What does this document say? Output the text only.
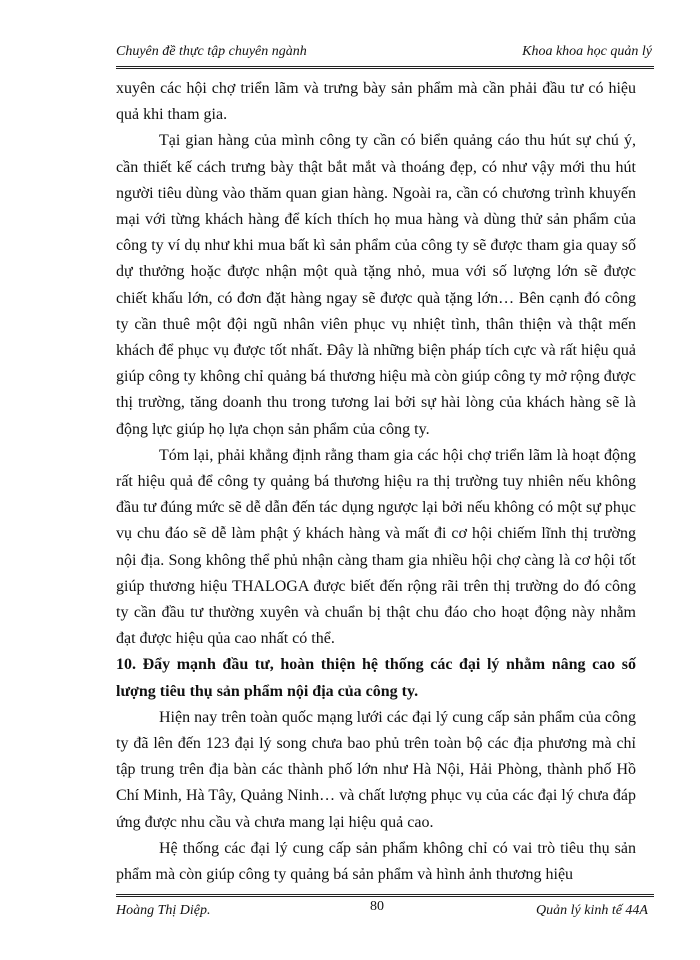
Chuyên đề thực tập chuyên ngành	Khoa khoa học quản lý

xuyên các hội chợ triển lãm và trưng bày sản phẩm mà cần phải đầu tư có hiệu quả khi tham gia.

Tại gian hàng của mình công ty cần có biển quảng cáo thu hút sự chú ý, cần thiết kế cách trưng bày thật bắt mắt và thoáng đẹp, có như vậy mới thu hút người tiêu dùng vào thăm quan gian hàng. Ngoài ra, cần có chương trình khuyến mại với từng khách hàng để kích thích họ mua hàng và dùng thử sản phẩm của công ty ví dụ như khi mua bất kì sản phẩm của công ty sẽ được tham gia quay số dự thưởng hoặc được nhận một quà tặng nhỏ, mua với số lượng lớn sẽ được chiết khấu lớn, có đơn đặt hàng ngay sẽ được quà tặng lớn… Bên cạnh đó công ty cần thuê một đội ngũ nhân viên phục vụ nhiệt tình, thân thiện và thật mến khách để phục vụ được tốt nhất. Đây là những biện pháp tích cực và rất hiệu quả giúp công ty không chỉ quảng bá thương hiệu mà còn giúp công ty mở rộng được thị trường, tăng doanh thu trong tương lai bởi sự hài lòng của khách hàng sẽ là động lực giúp họ lựa chọn sản phẩm của công ty.

Tóm lại, phải khẳng định rằng tham gia các hội chợ triển lãm là hoạt động rất hiệu quả để công ty quảng bá thương hiệu ra thị trường tuy nhiên nếu không đầu tư đúng mức sẽ dễ dẫn đến tác dụng ngược lại bởi nếu không có một sự phục vụ chu đáo sẽ dễ làm phật ý khách hàng và mất đi cơ hội chiếm lĩnh thị trường nội địa. Song không thể phủ nhận càng tham gia nhiều hội chợ càng là cơ hội tốt giúp thương hiệu THALOGA được biết đến rộng rãi trên thị trường do đó công ty cần đầu tư thường xuyên và chuẩn bị thật chu đáo cho hoạt động này nhằm đạt được hiệu qủa cao nhất có thể.

10. Đẩy mạnh đầu tư, hoàn thiện hệ thống các đại lý nhằm nâng cao số lượng tiêu thụ sản phẩm nội địa của công ty.

Hiện nay trên toàn quốc mạng lưới các đại lý cung cấp sản phẩm của công ty đã lên đến 123 đại lý song chưa bao phủ trên toàn bộ các địa phương mà chỉ tập trung trên địa bàn các thành phố lớn như Hà Nội, Hải Phòng, thành phố Hồ Chí Minh, Hà Tây, Quảng Ninh… và chất lượng phục vụ của các đại lý chưa đáp ứng được nhu cầu và chưa mang lại hiệu quả cao.

Hệ thống các đại lý cung cấp sản phẩm không chỉ có vai trò tiêu thụ sản phẩm mà còn giúp công ty quảng bá sản phẩm và hình ảnh thương hiệu

Hoàng Thị Diệp.	80	Quản lý kinh tế 44A
